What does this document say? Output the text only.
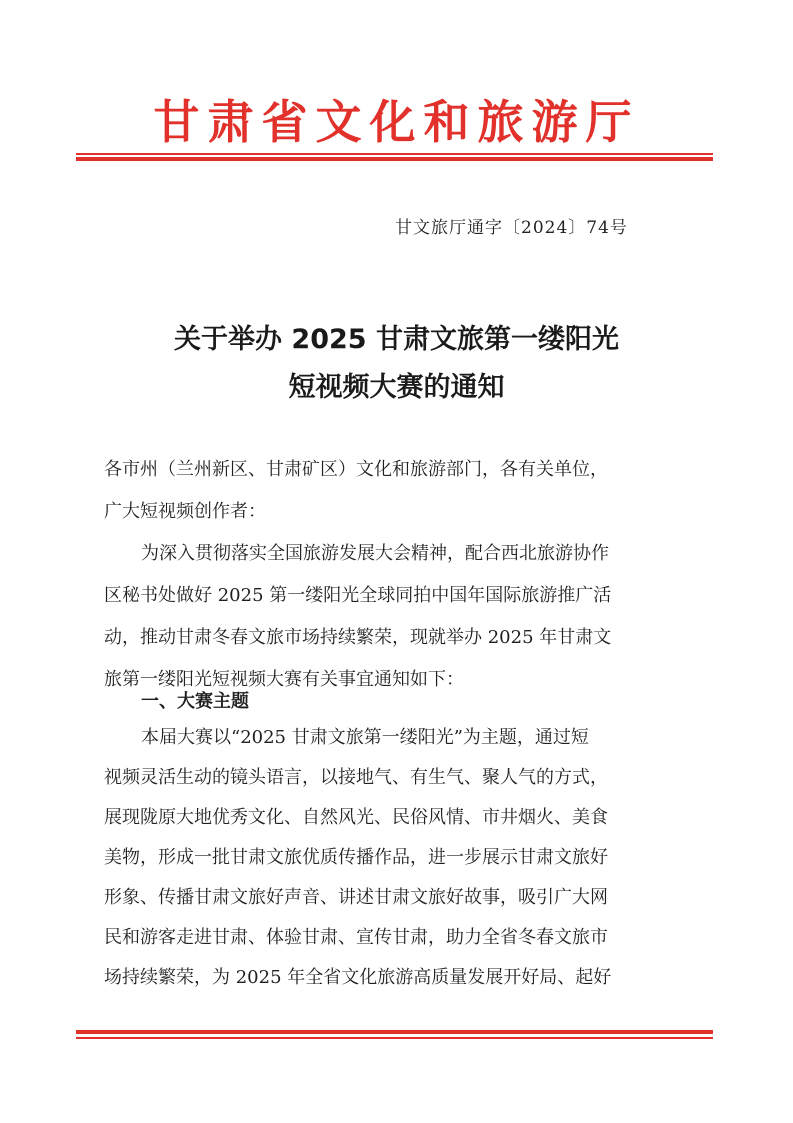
甘肃省文化和旅游厅
甘文旅厅通字〔2024〕74号
关于举办 2025 甘肃文旅第一缕阳光
短视频大赛的通知
各市州（兰州新区、甘肃矿区）文化和旅游部门，各有关单位，
广大短视频创作者：
为深入贯彻落实全国旅游发展大会精神，配合西北旅游协作
区秘书处做好 2025 第一缕阳光全球同拍中国年国际旅游推广活
动，推动甘肃冬春文旅市场持续繁荣，现就举办 2025 年甘肃文
旅第一缕阳光短视频大赛有关事宜通知如下：
一、大赛主题
本届大赛以“2025 甘肃文旅第一缕阳光”为主题，通过短
视频灵活生动的镜头语言，以接地气、有生气、聚人气的方式，
展现陇原大地优秀文化、自然风光、民俗风情、市井烟火、美食
美物，形成一批甘肃文旅优质传播作品，进一步展示甘肃文旅好
形象、传播甘肃文旅好声音、讲述甘肃文旅好故事，吸引广大网
民和游客走进甘肃、体验甘肃、宣传甘肃，助力全省冬春文旅市
场持续繁荣，为 2025 年全省文化旅游高质量发展开好局、起好
